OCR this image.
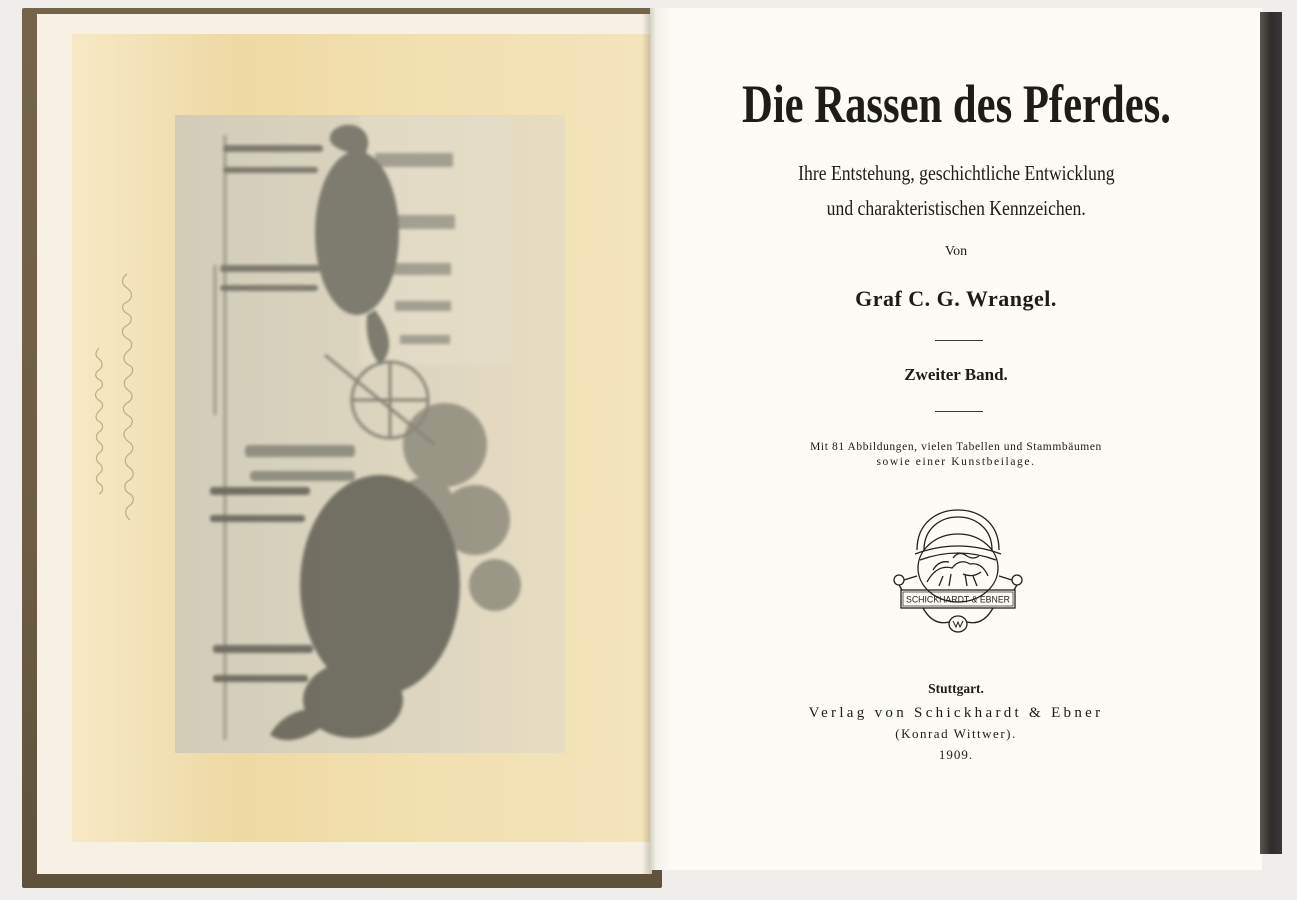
Die Rassen des Pferdes.
Ihre Entstehung, geschichtliche Entwicklung
und charakteristischen Kennzeichen.
Von
Graf C. G. Wrangel.
Zweiter Band.
Mit 81 Abbildungen, vielen Tabellen und Stammbäumen
sowie einer Kunstbeilage.
SCHICKHARDT & EBNER
Stuttgart.
Verlag von Schickhardt & Ebner
(Konrad Wittwer).
1909.
